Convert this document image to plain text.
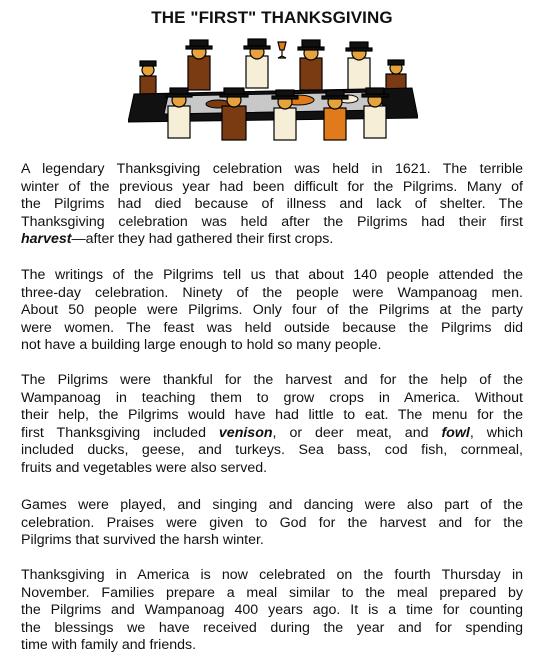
THE "FIRST" THANKSGIVING
A legendary Thanksgiving celebration was held in 1621. The terrible
winter of the previous year had been difficult for the Pilgrims. Many of
the Pilgrims had died because of illness and lack of shelter. The
Thanksgiving celebration was held after the Pilgrims had their first
harvest—after they had gathered their first crops.
The writings of the Pilgrims tell us that about 140 people attended the
three-day celebration. Ninety of the people were Wampanoag men.
About 50 people were Pilgrims. Only four of the Pilgrims at the party
were women. The feast was held outside because the Pilgrims did
not have a building large enough to hold so many people.
The Pilgrims were thankful for the harvest and for the help of the
Wampanoag in teaching them to grow crops in America. Without
their help, the Pilgrims would have had little to eat. The menu for the
first Thanksgiving included venison, or deer meat, and fowl, which
included ducks, geese, and turkeys. Sea bass, cod fish, cornmeal,
fruits and vegetables were also served.
Games were played, and singing and dancing were also part of the
celebration. Praises were given to God for the harvest and for the
Pilgrims that survived the harsh winter.
Thanksgiving in America is now celebrated on the fourth Thursday in
November. Families prepare a meal similar to the meal prepared by
the Pilgrims and Wampanoag 400 years ago. It is a time for counting
the blessings we have received during the year and for spending
time with family and friends.
